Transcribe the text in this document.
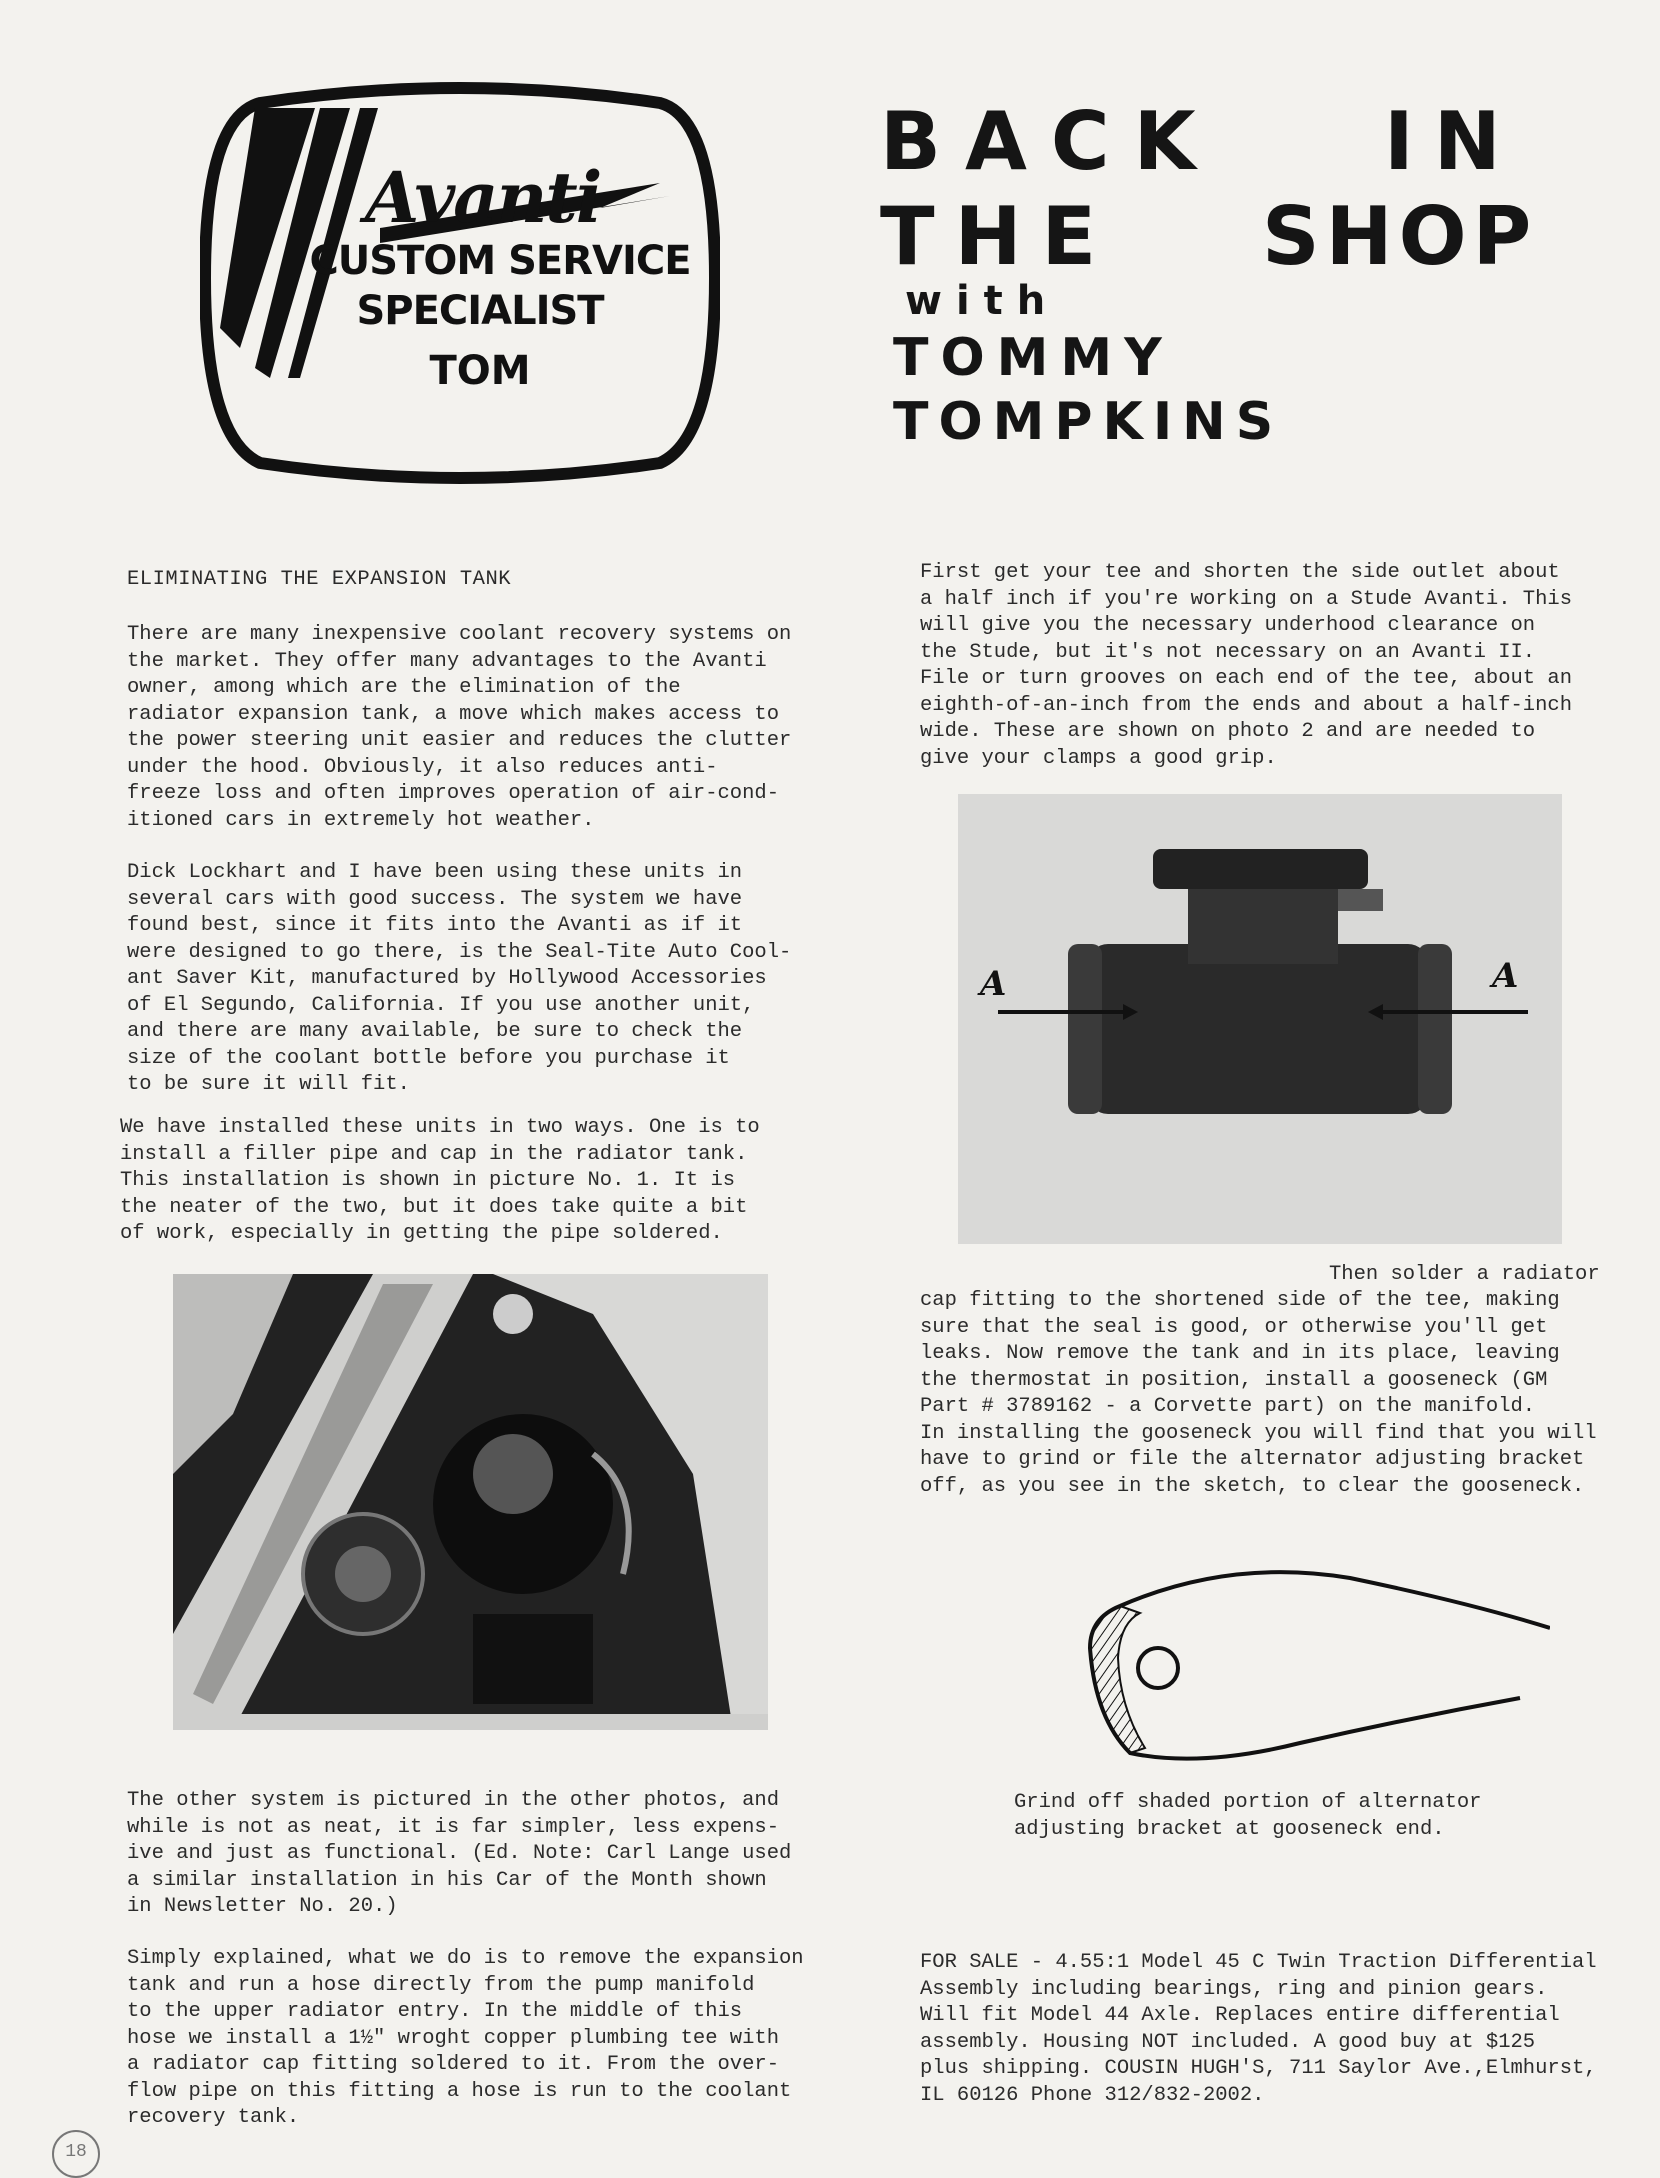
Avanti
CUSTOM SERVICE
SPECIALIST
TOM
BACK IN
THE SHOP
with
TOMMY
TOMPKINS
ELIMINATING THE EXPANSION TANK
There are many inexpensive coolant recovery systems on
the market. They offer many advantages to the Avanti
owner, among which are the elimination of the
radiator expansion tank, a move which makes access to
the power steering unit easier and reduces the clutter
under the hood. Obviously, it also reduces anti-
freeze loss and often improves operation of air-cond-
itioned cars in extremely hot weather.
Dick Lockhart and I have been using these units in
several cars with good success. The system we have
found best, since it fits into the Avanti as if it
were designed to go there, is the Seal-Tite Auto Cool-
ant Saver Kit, manufactured by Hollywood Accessories
of El Segundo, California. If you use another unit,
and there are many available, be sure to check the
size of the coolant bottle before you purchase it
to be sure it will fit.
We have installed these units in two ways. One is to
install a filler pipe and cap in the radiator tank.
This installation is shown in picture No. 1. It is
the neater of the two, but it does take quite a bit
of work, especially in getting the pipe soldered.
The other system is pictured in the other photos, and
while is not as neat, it is far simpler, less expens-
ive and just as functional. (Ed. Note: Carl Lange used
a similar installation in his Car of the Month shown
in Newsletter No. 20.)
Simply explained, what we do is to remove the expansion
tank and run a hose directly from the pump manifold
to the upper radiator entry. In the middle of this
hose we install a 1½" wroght copper plumbing tee with
a radiator cap fitting soldered to it. From the over-
flow pipe on this fitting a hose is run to the coolant
recovery tank.
First get your tee and shorten the side outlet about
a half inch if you're working on a Stude Avanti. This
will give you the necessary underhood clearance on
the Stude, but it's not necessary on an Avanti II.
File or turn grooves on each end of the tee, about an
eighth-of-an-inch from the ends and about a half-inch
wide. These are shown on photo 2 and are needed to
give your clamps a good grip.
A	A
Then solder a radiator
cap fitting to the shortened side of the tee, making
sure that the seal is good, or otherwise you'll get
leaks. Now remove the tank and in its place, leaving
the thermostat in position, install a gooseneck (GM
Part # 3789162 - a Corvette part) on the manifold.
In installing the gooseneck you will find that you will
have to grind or file the alternator adjusting bracket
off, as you see in the sketch, to clear the gooseneck.
Grind off shaded portion of alternator
adjusting bracket at gooseneck end.
FOR SALE - 4.55:1 Model 45 C Twin Traction Differential
Assembly including bearings, ring and pinion gears.
Will fit Model 44 Axle. Replaces entire differential
assembly. Housing NOT included. A good buy at $125
plus shipping. COUSIN HUGH'S, 711 Saylor Ave.,Elmhurst,
IL 60126 Phone 312/832-2002.
18
